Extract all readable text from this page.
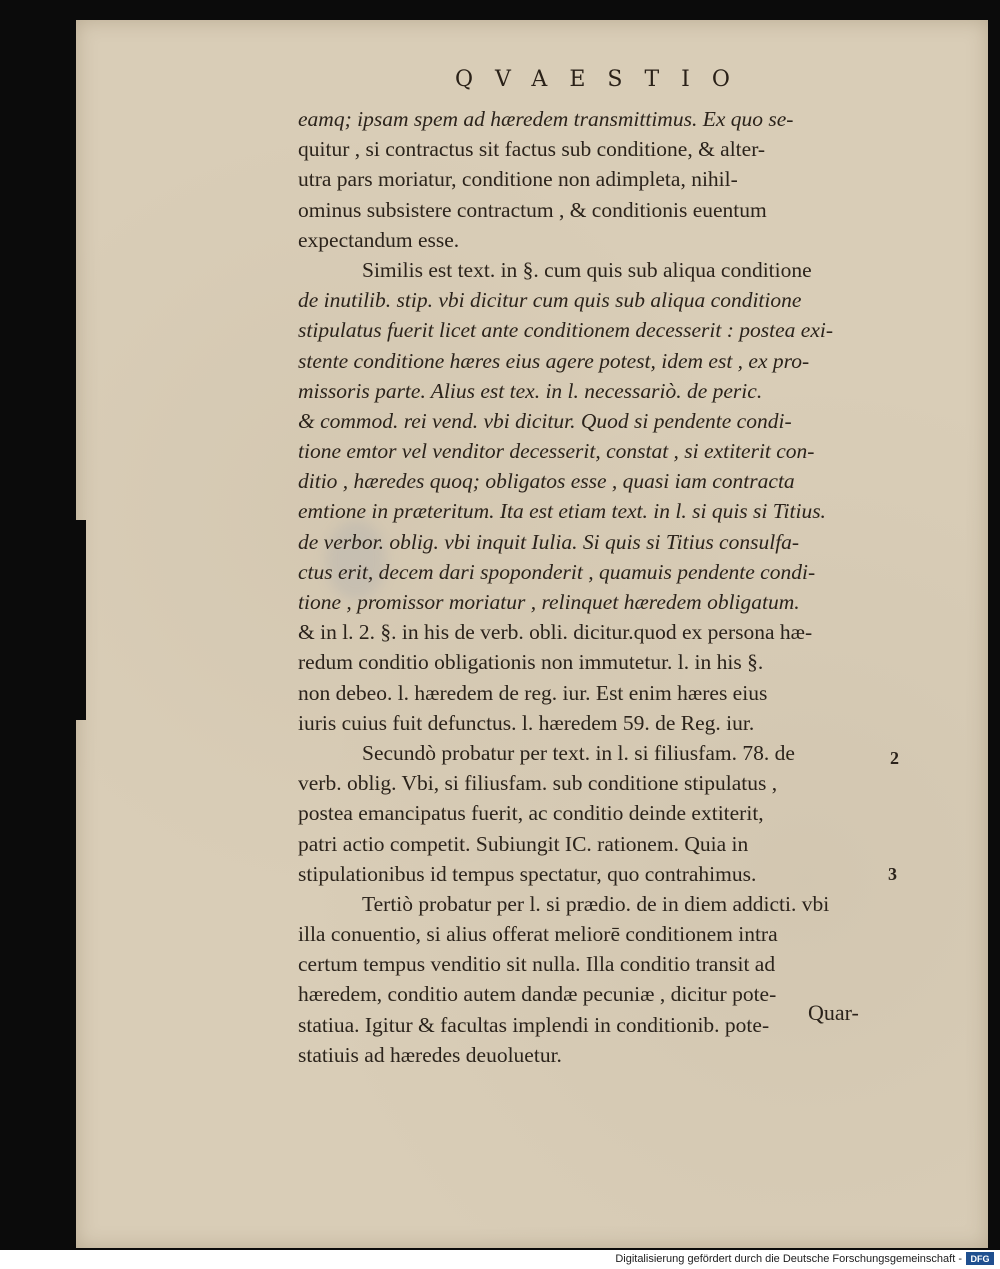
QVAESTIO
eamq; ipsam spem ad hæredem transmittimus. Ex quo se-
quitur , si contractus sit factus sub conditione, & alter-
utra pars moriatur, conditione non adimpleta, nihil-
ominus subsistere contractum , & conditionis euentum
expectandum esse.
Similis est text. in §. cum quis sub aliqua conditione
de inutilib. stip. vbi dicitur cum quis sub aliqua conditione
stipulatus fuerit licet ante conditionem decesserit : postea exi-
stente conditione hæres eius agere potest, idem est , ex pro-
missoris parte. Alius est tex. in l. necessariò. de peric.
& commod. rei vend. vbi dicitur. Quod si pendente condi-
tione emtor vel venditor decesserit, constat , si extiterit con-
ditio , hæredes quoq; obligatos esse , quasi iam contracta
emtione in præteritum. Ita est etiam text. in l. si quis si Titius.
de verbor. oblig. vbi inquit Iulia. Si quis si Titius consulfa-
ctus erit, decem dari spoponderit , quamuis pendente condi-
tione , promissor moriatur , relinquet hæredem obligatum.
& in l. 2. §. in his de verb. obli. dicitur.quod ex persona hæ-
redum conditio obligationis non immutetur. l. in his §.
non debeo. l. hæredem de reg. iur. Est enim hæres eius
iuris cuius fuit defunctus. l. hæredem 59. de Reg. iur.
Secundò probatur per text. in l. si filiusfam. 78. de
verb. oblig. Vbi, si filiusfam. sub conditione stipulatus ,
postea emancipatus fuerit, ac conditio deinde extiterit,
patri actio competit. Subiungit IC. rationem. Quia in
stipulationibus id tempus spectatur, quo contrahimus.
Tertiò probatur per l. si prædio. de in diem addicti. vbi
illa conuentio, si alius offerat meliorē conditionem intra
certum tempus venditio sit nulla. Illa conditio transit ad
hæredem, conditio autem dandæ pecuniæ , dicitur pote-
statiua. Igitur & facultas implendi in conditionib. pote-
statiuis ad hæredes deuoluetur.
2
3
Quar-
Digitalisierung gefördert durch die Deutsche Forschungsgemeinschaft - DFG
